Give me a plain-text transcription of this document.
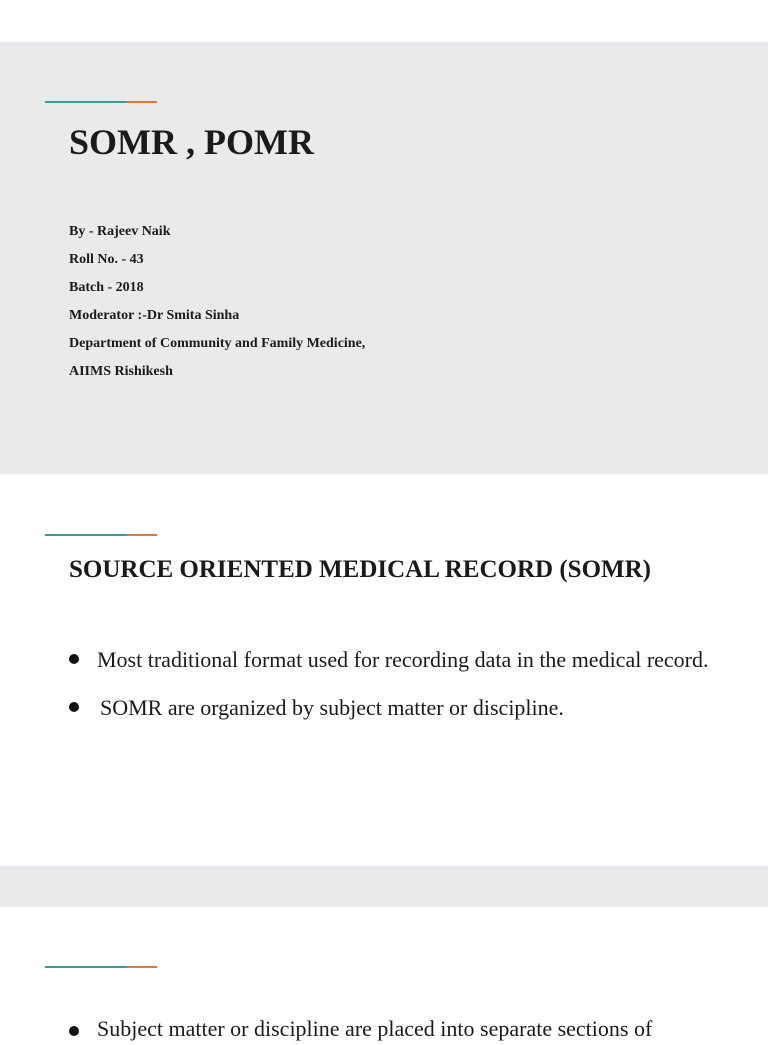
SOMR , POMR
By - Rajeev Naik
Roll No. - 43
Batch - 2018
Moderator :-Dr Smita Sinha
Department of Community and Family Medicine,
AIIMS Rishikesh
SOURCE ORIENTED MEDICAL RECORD (SOMR)
Most traditional format used for recording data in the medical record.
SOMR are organized by subject matter or discipline.
Subject matter or discipline are placed into separate sections of
